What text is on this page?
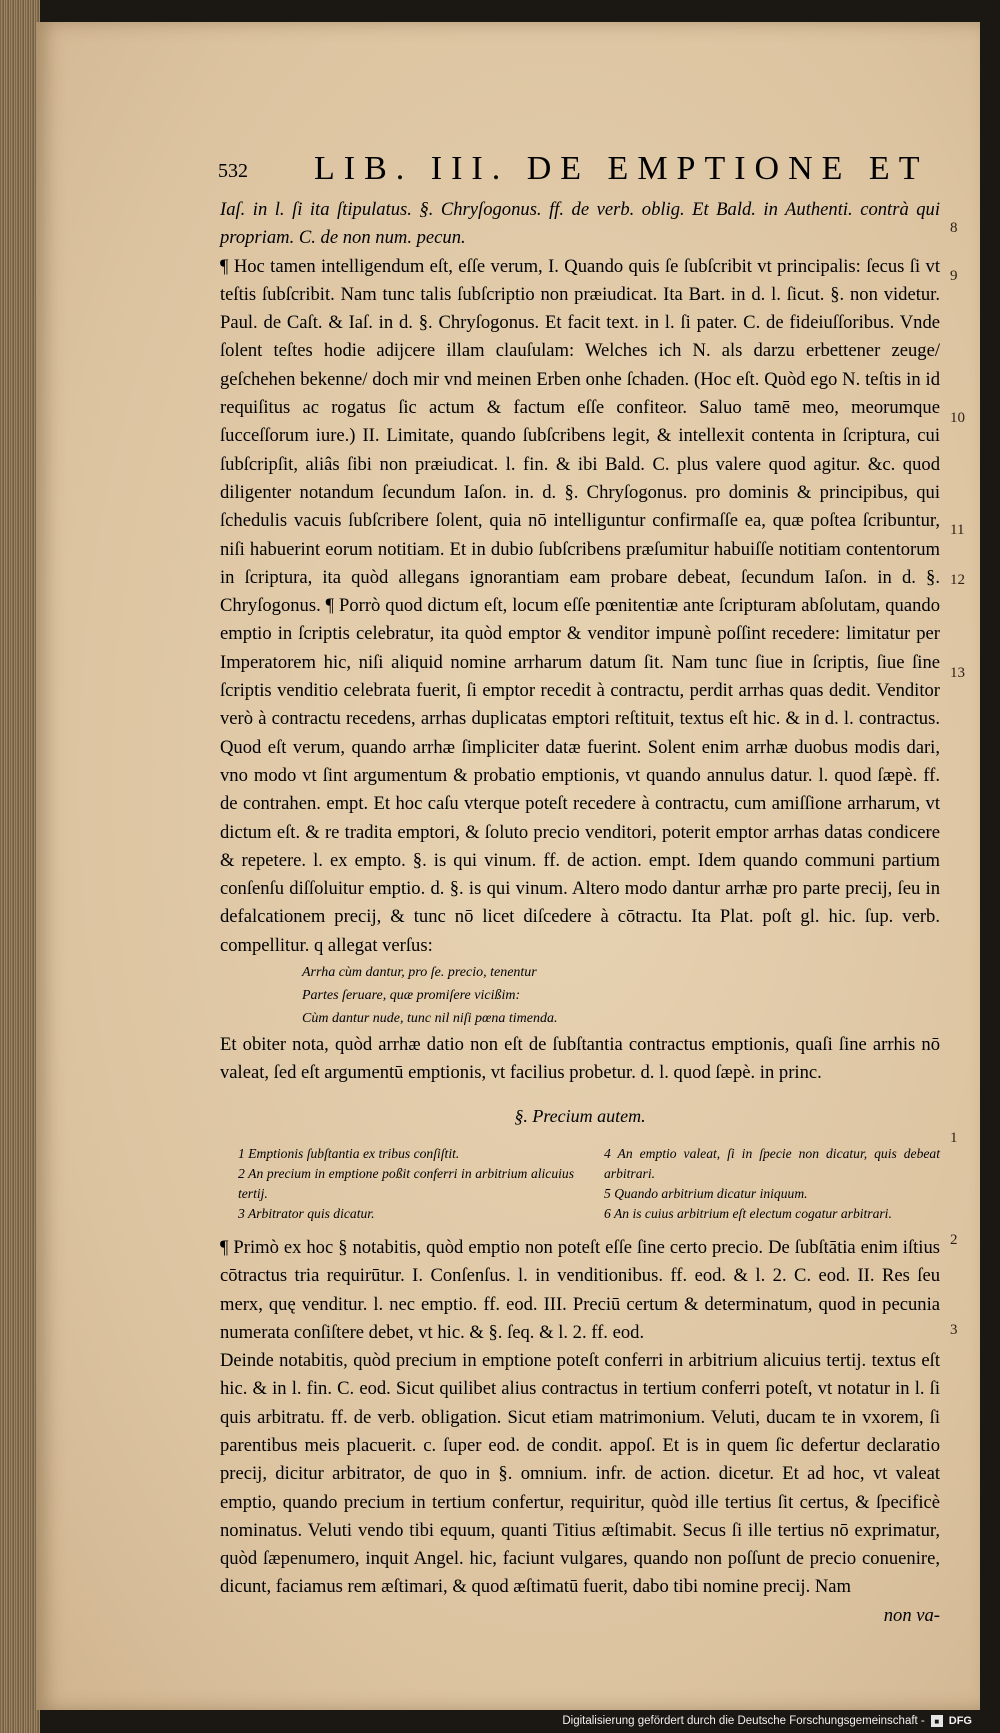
532 LIB. III. DE EMPTIONE ET

Iaſ. in l. ſi ita ſtipulatus. §. Chryſogonus. ff. de verb. oblig. Et Bald. in Authenti. contrà qui propriam. C. de non num. pecun.

¶ Hoc tamen intelligendum eſt, eſſe verum, I. Quando quis ſe ſubſcribit vt principalis: ſecus ſi vt teſtis ſubſcribit. Nam tunc talis ſubſcriptio non præiudicat. Ita Bart. in d. l. ſicut. §. non videtur. Paul. de Caſt. & Iaſ. in d. §. Chryſogonus. Et facit text. in l. ſi pater. C. de fideiuſſoribus. Vnde ſolent teſtes hodie adijcere illam clauſulam: Welches ich N. als darzu erbettener zeuge/ geſchehen bekenne/ doch mir vnd meinen Erben onhe ſchaden. (Hoc eſt. Quòd ego N. teſtis in id requiſitus ac rogatus ſic actum & factum eſſe confiteor. Saluo tamē meo, meorumque ſucceſſorum iure.) II. Limitate, quando ſubſcribens legit, & intellexit contenta in ſcriptura, cui ſubſcripſit, aliâs ſibi non præiudicat. l. fin. & ibi Bald. C. plus valere quod agitur. &c. quod diligenter notandum ſecundum Iaſon. in. d. §. Chryſogonus. pro dominis & principibus, qui ſchedulis vacuis ſubſcribere ſolent, quia nō intelliguntur confirmaſſe ea, quæ poſtea ſcribuntur, niſi habuerint eorum notitiam. Et in dubio ſubſcribens præſumitur habuiſſe notitiam contentorum in ſcriptura, ita quòd allegans ignorantiam eam probare debeat, ſecundum Iaſon. in d. §. Chryſogonus. ¶ Porrò quod dictum eſt, locum eſſe pœnitentiæ ante ſcripturam abſolutam, quando emptio in ſcriptis celebratur, ita quòd emptor & venditor impunè poſſint recedere: limitatur per Imperatorem hic, niſi aliquid nomine arrharum datum ſit. Nam tunc ſiue in ſcriptis, ſiue ſine ſcriptis venditio celebrata fuerit, ſi emptor recedit à contractu, perdit arrhas quas dedit. Venditor verò à contractu recedens, arrhas duplicatas emptori reſtituit, textus eſt hic. & in d. l. contractus. Quod eſt verum, quando arrhæ ſimpliciter datæ fuerint. Solent enim arrhæ duobus modis dari, vno modo vt ſint argumentum & probatio emptionis, vt quando annulus datur. l. quod ſæpè. ff. de contrahen. empt. Et hoc caſu vterque poteſt recedere à contractu, cum amiſſione arrharum, vt dictum eſt. & re tradita emptori, & ſoluto precio venditori, poterit emptor arrhas datas condicere & repetere. l. ex empto. §. is qui vinum. ff. de action. empt. Idem quando communi partium conſenſu diſſoluitur emptio. d. §. is qui vinum. Altero modo dantur arrhæ pro parte precij, ſeu in defalcationem precij, & tunc nō licet diſcedere à cōtractu. Ita Plat. poſt gl. hic. ſup. verb. compellitur. q allegat verſus:

Arrha cùm dantur, pro ſe. precio, tenentur
Partes ſeruare, quæ promiſere vicißim:
Cùm dantur nude, tunc nil niſi pœna timenda.

Et obiter nota, quòd arrhæ datio non eſt de ſubſtantia contractus emptionis, quaſi ſine arrhis nō valeat, ſed eſt argumentū emptionis, vt facilius probetur. d. l. quod ſæpè. in princ.

§. Precium autem.
1 Emptionis ſubſtantia ex tribus conſiſtit.
2 An precium in emptione poßit conferri in arbitrium alicuius tertij.
3 Arbitrator quis dicatur.
4 An emptio valeat, ſi in ſpecie non dicatur, quis debeat arbitrari.
5 Quando arbitrium dicatur iniquum.
6 An is cuius arbitrium eſt electum cogatur arbitrari.

¶ Primò ex hoc § notabitis, quòd emptio non poteſt eſſe ſine certo precio. De ſubſtātia enim iſtius cōtractus tria requirūtur. I. Conſenſus. l. in venditionibus. ff. eod. & l. 2. C. eod. II. Res ſeu merx, quę venditur. l. nec emptio. ff. eod. III. Preciū certum & determinatum, quod in pecunia numerata conſiſtere debet, vt hic. & §. ſeq. & l. 2. ff. eod.

Deinde notabitis, quòd precium in emptione poteſt conferri in arbitrium alicuius tertij. textus eſt hic. & in l. fin. C. eod. Sicut quilibet alius contractus in tertium conferri poteſt, vt notatur in l. ſi quis arbitratu. ff. de verb. obligation. Sicut etiam matrimonium. Veluti, ducam te in vxorem, ſi parentibus meis placuerit. c. ſuper eod. de condit. appoſ. Et is in quem ſic defertur declaratio precij, dicitur arbitrator, de quo in §. omnium. infr. de action. dicetur. Et ad hoc, vt valeat emptio, quando precium in tertium confertur, requiritur, quòd ille tertius ſit certus, & ſpecificè nominatus. Veluti vendo tibi equum, quanti Titius æſtimabit. Secus ſi ille tertius nō exprimatur, quòd ſæpenumero, inquit Angel. hic, faciunt vulgares, quando non poſſunt de precio conuenire, dicunt, faciamus rem æſtimari, & quod æſtimatū fuerit, dabo tibi nomine precij. Nam

non va-

8
9
10
11
12
13
1
2
3
Digitalisierung gefördert durch die Deutsche Forschungsgemeinschaft -	■ DFG
